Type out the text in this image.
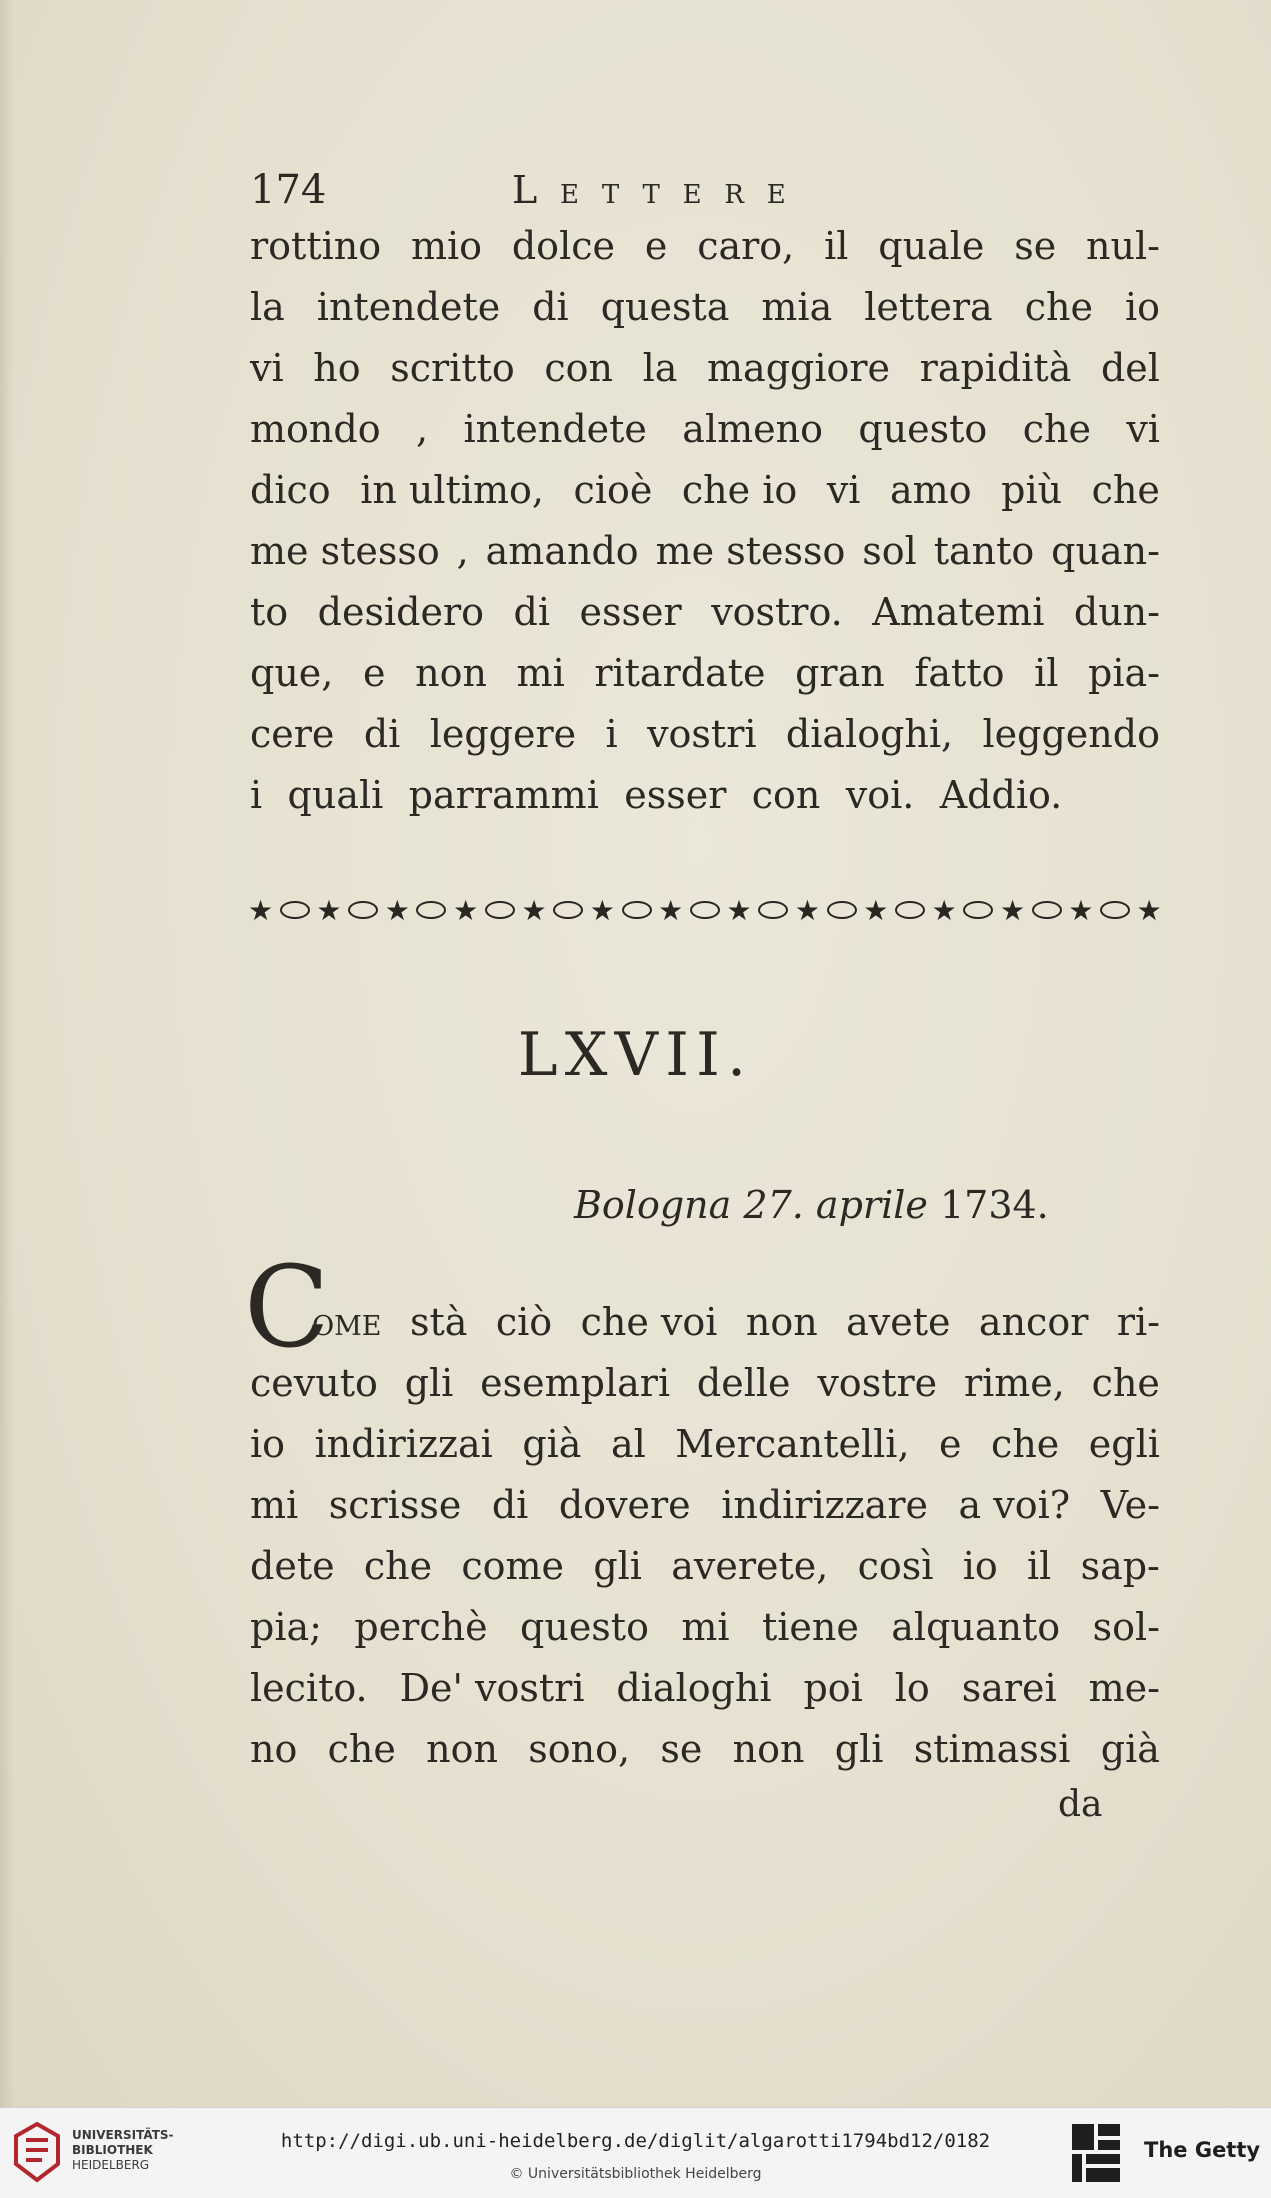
174	LETTERE
rottino mio dolce e caro, il quale se nul-
la intendete di questa mia lettera che io
vi ho scritto con la maggiore rapidità del
mondo , intendete almeno questo che vi
dico in ultimo, cioè che io vi amo più che
me stesso , amando me stesso sol tanto quan-
to desidero di esser vostro. Amatemi dun-
que, e non mi ritardate gran fatto il pia-
cere di leggere i vostri dialoghi, leggendo
i quali parrammi esser con voi. Addio.
★ ★ ★ ★ ★ ★ ★ ★ ★ ★ ★ ★ ★ ★
LXVII.
Bologna 27. aprile 1734.
C
ome stà ciò che voi non avete ancor ri-
cevuto gli esemplari delle vostre rime, che
io indirizzai già al Mercantelli, e che egli
mi scrisse di dovere indirizzare a voi? Ve-
dete che come gli averete, così io il sap-
pia; perchè questo mi tiene alquanto sol-
lecito. De' vostri dialoghi poi lo sarei me-
no che non sono, se non gli stimassi già
da
UNIVERSITÄTS-
BIBLIOTHEK
HEIDELBERG
http://digi.ub.uni-heidelberg.de/diglit/algarotti1794bd12/0182
© Universitätsbibliothek Heidelberg
The Getty
